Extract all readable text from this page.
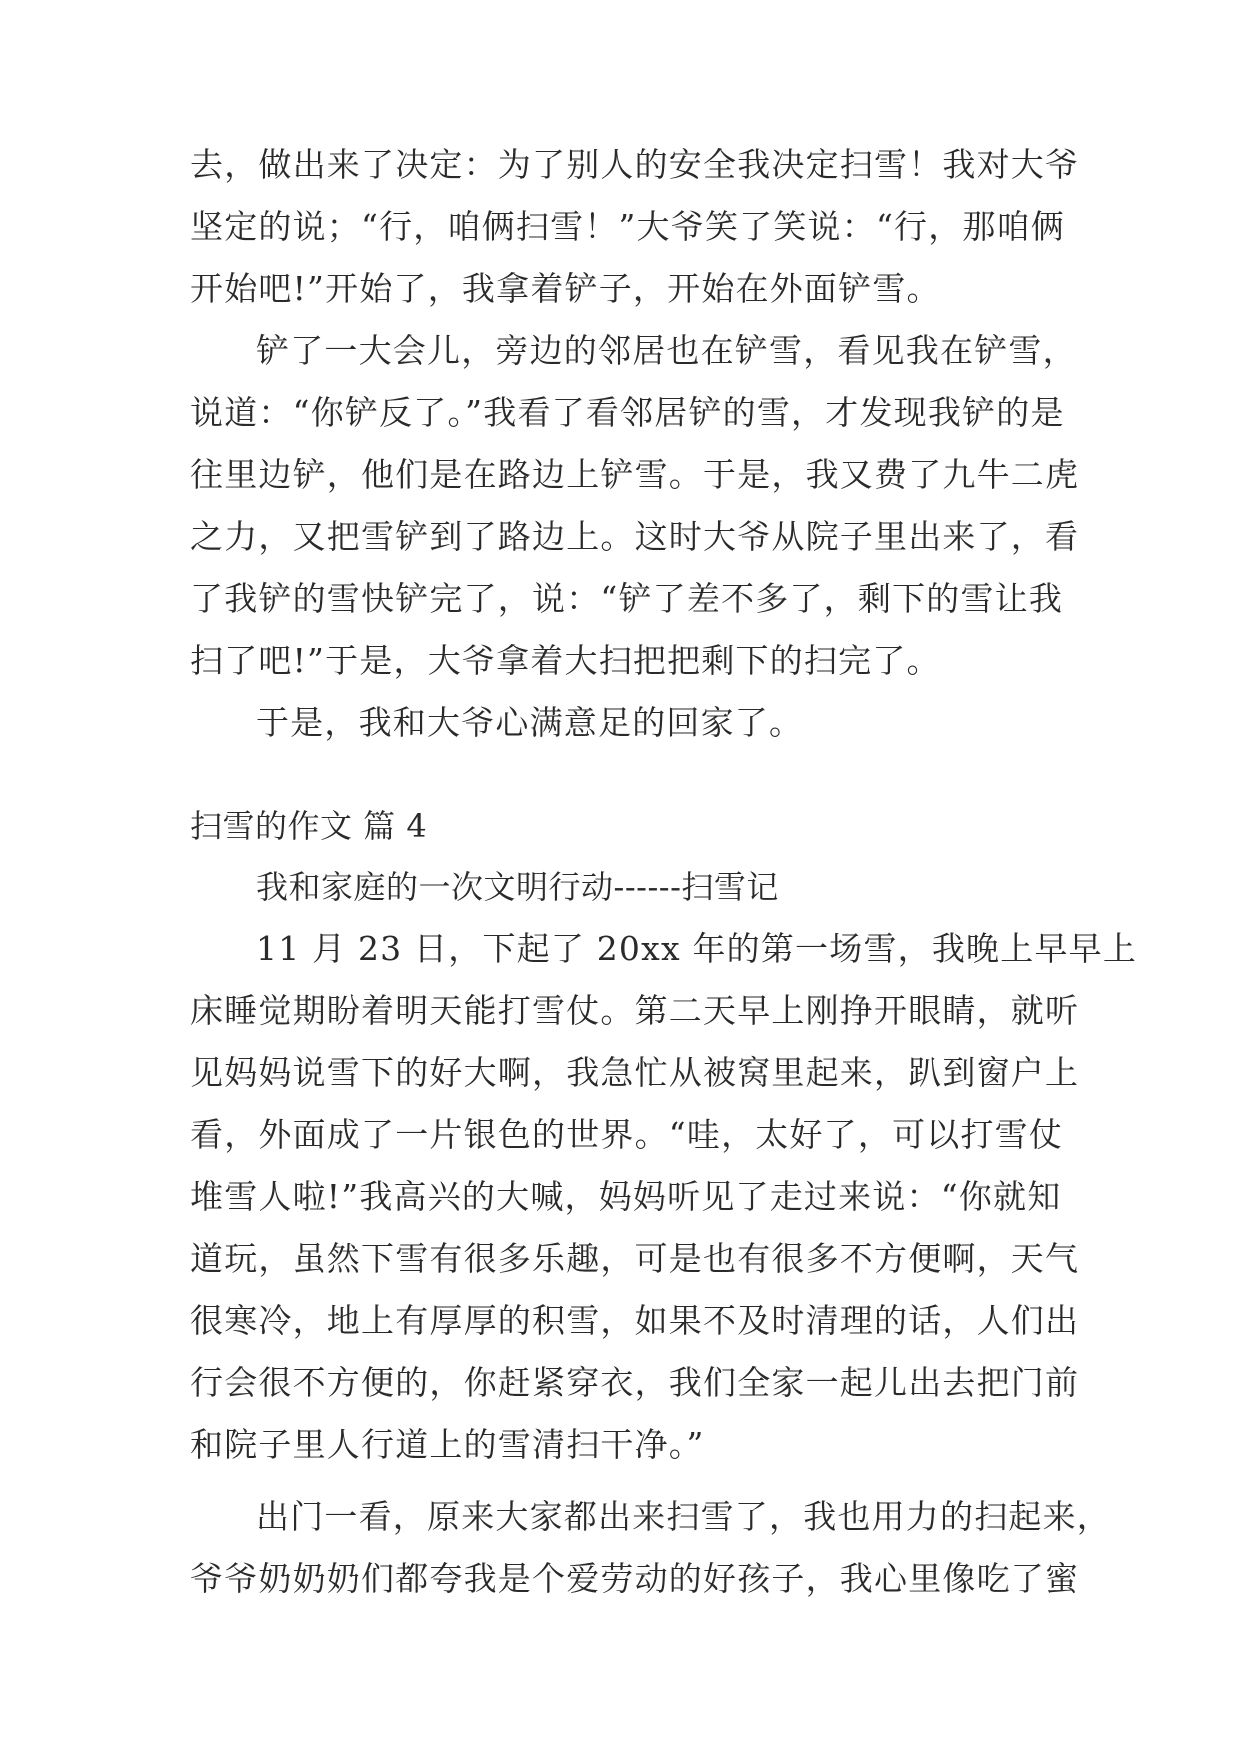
去，做出来了决定：为了别人的安全我决定扫雪！我对大爷

坚定的说；“行，咱俩扫雪！”大爷笑了笑说：“行，那咱俩

开始吧!”开始了，我拿着铲子，开始在外面铲雪。

铲了一大会儿，旁边的邻居也在铲雪，看见我在铲雪，

说道：“你铲反了。”我看了看邻居铲的雪，才发现我铲的是

往里边铲，他们是在路边上铲雪。于是，我又费了九牛二虎

之力，又把雪铲到了路边上。这时大爷从院子里出来了，看

了我铲的雪快铲完了，说：“铲了差不多了，剩下的雪让我

扫了吧!”于是，大爷拿着大扫把把剩下的扫完了。

于是，我和大爷心满意足的回家了。

扫雪的作文 篇 4

我和家庭的一次文明行动------扫雪记

11 月 23 日，下起了 20xx 年的第一场雪，我晚上早早上

床睡觉期盼着明天能打雪仗。第二天早上刚挣开眼睛，就听

见妈妈说雪下的好大啊，我急忙从被窝里起来，趴到窗户上

看，外面成了一片银色的世界。“哇，太好了，可以打雪仗

堆雪人啦!”我高兴的大喊，妈妈听见了走过来说：“你就知

道玩，虽然下雪有很多乐趣，可是也有很多不方便啊，天气

很寒冷，地上有厚厚的积雪，如果不及时清理的话，人们出

行会很不方便的，你赶紧穿衣，我们全家一起儿出去把门前

和院子里人行道上的雪清扫干净。”

出门一看，原来大家都出来扫雪了，我也用力的扫起来，

爷爷奶奶奶们都夸我是个爱劳动的好孩子，我心里像吃了蜜
